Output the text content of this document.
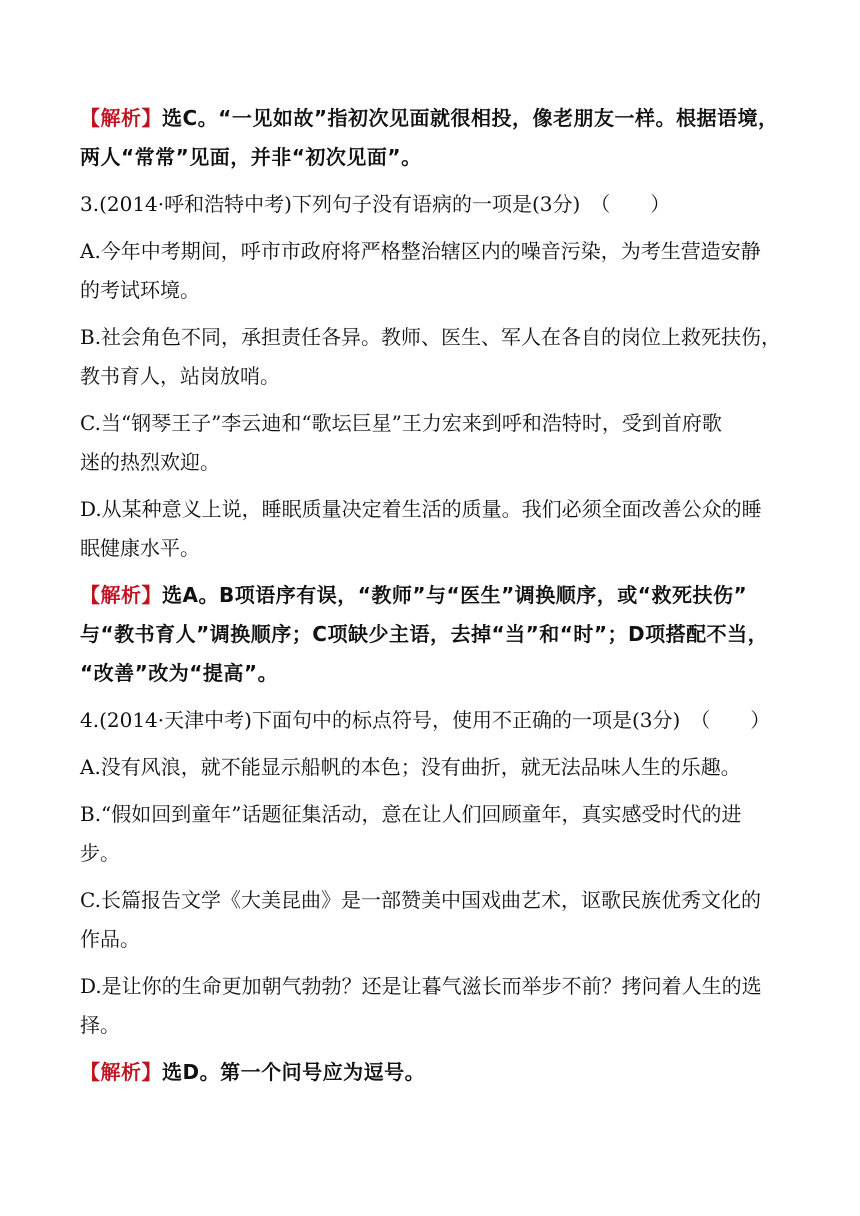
【解析】选C。“一见如故”指初次见面就很相投，像老朋友一样。根据语境，

两人“常常”见面，并非“初次见面”。

3.(2014·呼和浩特中考)下列句子没有语病的一项是(3分)　（　　）

A.今年中考期间，呼市市政府将严格整治辖区内的噪音污染，为考生营造安静

的考试环境。

B.社会角色不同，承担责任各异。教师、医生、军人在各自的岗位上救死扶伤，

教书育人，站岗放哨。

C.当“钢琴王子”李云迪和“歌坛巨星”王力宏来到呼和浩特时，受到首府歌

迷的热烈欢迎。

D.从某种意义上说，睡眠质量决定着生活的质量。我们必须全面改善公众的睡

眠健康水平。

【解析】选A。B项语序有误，“教师”与“医生”调换顺序，或“救死扶伤”

与“教书育人”调换顺序；C项缺少主语，去掉“当”和“时”；D项搭配不当，

“改善”改为“提高”。

4.(2014·天津中考)下面句中的标点符号，使用不正确的一项是(3分)　（　　）

A.没有风浪，就不能显示船帆的本色；没有曲折，就无法品味人生的乐趣。

B.“假如回到童年”话题征集活动，意在让人们回顾童年，真实感受时代的进

步。

C.长篇报告文学《大美昆曲》是一部赞美中国戏曲艺术，讴歌民族优秀文化的

作品。

D.是让你的生命更加朝气勃勃？还是让暮气滋长而举步不前？拷问着人生的选

择。

【解析】选D。第一个问号应为逗号。
